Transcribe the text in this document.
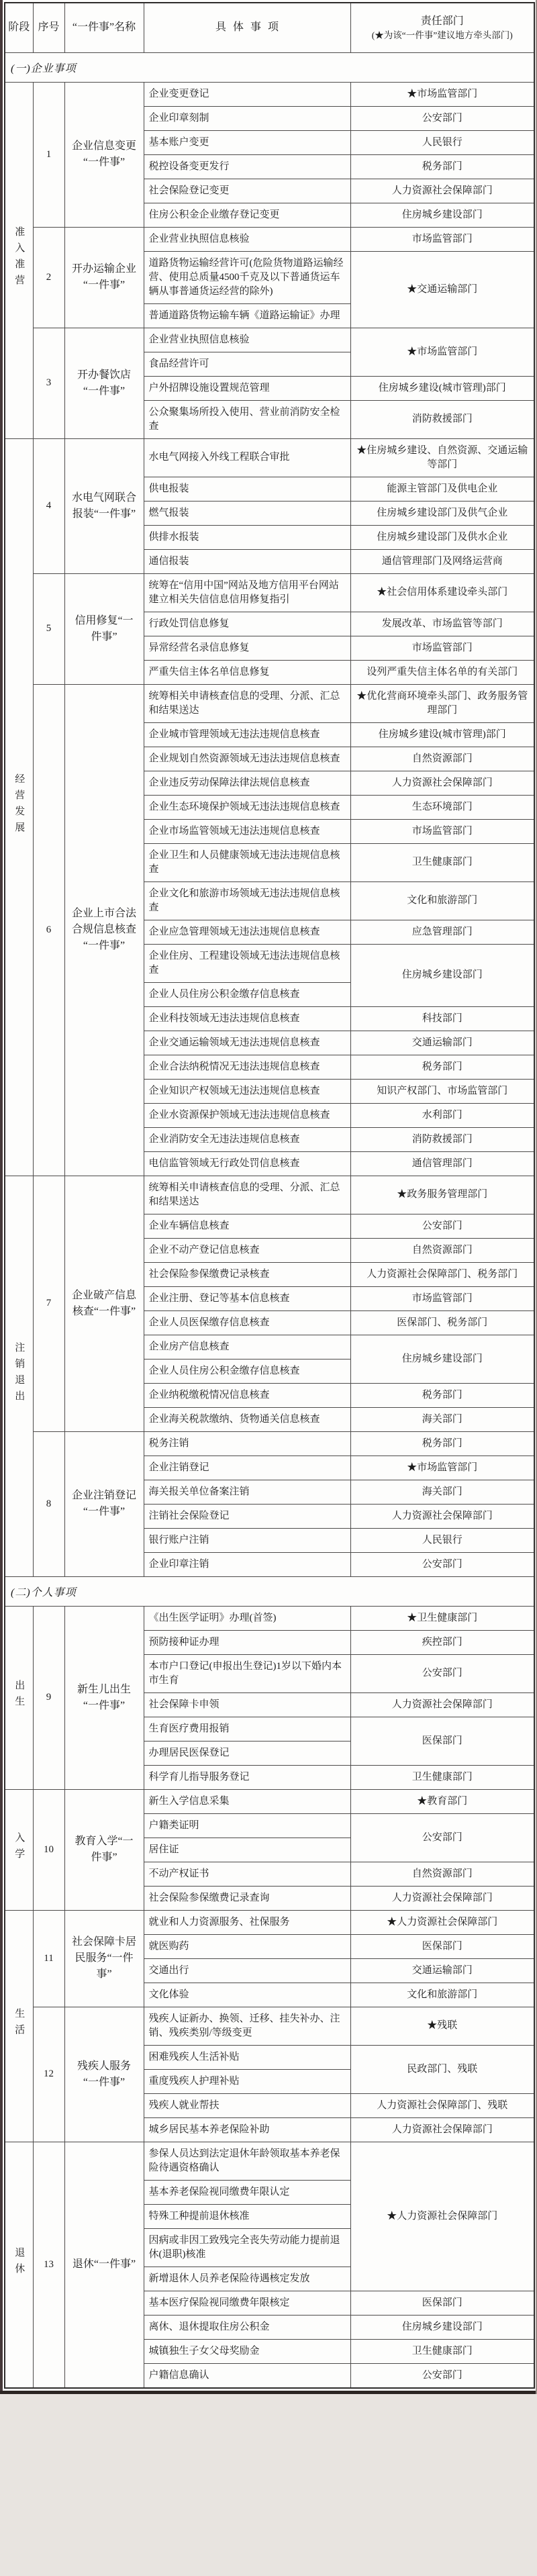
阶段	序号	“一件事”名称	具体事项	责任部门
(★为该“一件事”建议地方牵头部门)

(一)企业事项				
准入准营	1	企业信息变更“一件事”	企业变更登记	★市场监管部门
			企业印章刻制	公安部门
			基本账户变更	人民银行
			税控设备变更发行	税务部门
			社会保险登记变更	人力资源社会保障部门
			住房公积金企业缴存登记变更	住房城乡建设部门
	2	开办运输企业“一件事”	企业营业执照信息核验	市场监管部门
			道路货物运输经营许可(危险货物道路运输经营、使用总质量4500千克及以下普通货运车辆从事普通货运经营的除外)	★交通运输部门
			普通道路货物运输车辆《道路运输证》办理	
	3	开办餐饮店“一件事”	企业营业执照信息核验	★市场监管部门
			食品经营许可	
			户外招牌设施设置规范管理	住房城乡建设(城市管理)部门
			公众聚集场所投入使用、营业前消防安全检查	消防救援部门
经营发展	4	水电气网联合报装“一件事”	水电气网接入外线工程联合审批	★住房城乡建设、自然资源、交通运输等部门
			供电报装	能源主管部门及供电企业
			燃气报装	住房城乡建设部门及供气企业
			供排水报装	住房城乡建设部门及供水企业
			通信报装	通信管理部门及网络运营商
	5	信用修复“一件事”	统筹在“信用中国”网站及地方信用平台网站建立相关失信信息信用修复指引	★社会信用体系建设牵头部门
			行政处罚信息修复	发展改革、市场监管等部门
			异常经营名录信息修复	市场监管部门
			严重失信主体名单信息修复	设列严重失信主体名单的有关部门
	6	企业上市合法合规信息核查“一件事”	统筹相关申请核查信息的受理、分派、汇总和结果送达	★优化营商环境牵头部门、政务服务管理部门
			企业城市管理领域无违法违规信息核查	住房城乡建设(城市管理)部门
			企业规划自然资源领域无违法违规信息核查	自然资源部门
			企业违反劳动保障法律法规信息核查	人力资源社会保障部门
			企业生态环境保护领域无违法违规信息核查	生态环境部门
			企业市场监管领域无违法违规信息核查	市场监管部门
			企业卫生和人员健康领域无违法违规信息核查	卫生健康部门
			企业文化和旅游市场领域无违法违规信息核查	文化和旅游部门
			企业应急管理领域无违法违规信息核查	应急管理部门
			企业住房、工程建设领域无违法违规信息核查	住房城乡建设部门
			企业人员住房公积金缴存信息核查	
			企业科技领域无违法违规信息核查	科技部门
			企业交通运输领域无违法违规信息核查	交通运输部门
			企业合法纳税情况无违法违规信息核查	税务部门
			企业知识产权领域无违法违规信息核查	知识产权部门、市场监管部门
			企业水资源保护领域无违法违规信息核查	水利部门
			企业消防安全无违法违规信息核查	消防救援部门
			电信监管领域无行政处罚信息核查	通信管理部门
注销退出	7	企业破产信息核查“一件事”	统筹相关申请核查信息的受理、分派、汇总和结果送达	★政务服务管理部门
			企业车辆信息核查	公安部门
			企业不动产登记信息核查	自然资源部门
			社会保险参保缴费记录核查	人力资源社会保障部门、税务部门
			企业注册、登记等基本信息核查	市场监管部门
			企业人员医保缴存信息核查	医保部门、税务部门
			企业房产信息核查	住房城乡建设部门
			企业人员住房公积金缴存信息核查	
			企业纳税缴税情况信息核查	税务部门
			企业海关税款缴纳、货物通关信息核查	海关部门
	8	企业注销登记“一件事”	税务注销	税务部门
			企业注销登记	★市场监管部门
			海关报关单位备案注销	海关部门
			注销社会保险登记	人力资源社会保障部门
			银行账户注销	人民银行
			企业印章注销	公安部门
(二)个人事项				
出生	9	新生儿出生“一件事”	《出生医学证明》办理(首签)	★卫生健康部门
			预防接种证办理	疾控部门
			本市户口登记(申报出生登记)1岁以下婚内本市生育	公安部门
			社会保障卡申领	人力资源社会保障部门
			生育医疗费用报销	医保部门
			办理居民医保登记	
			科学育儿指导服务登记	卫生健康部门
入学	10	教育入学“一件事”	新生入学信息采集	★教育部门
			户籍类证明	公安部门
			居住证	
			不动产权证书	自然资源部门
			社会保险参保缴费记录查询	人力资源社会保障部门
生活	11	社会保障卡居民服务“一件事”	就业和人力资源服务、社保服务	★人力资源社会保障部门
			就医购药	医保部门
			交通出行	交通运输部门
			文化体验	文化和旅游部门
	12	残疾人服务“一件事”	残疾人证新办、换领、迁移、挂失补办、注销、残疾类别/等级变更	★残联
			困难残疾人生活补贴	民政部门、残联
			重度残疾人护理补贴	
			残疾人就业帮扶	人力资源社会保障部门、残联
			城乡居民基本养老保险补助	人力资源社会保障部门
退休	13	退休“一件事”	参保人员达到法定退休年龄领取基本养老保险待遇资格确认	★人力资源社会保障部门
			基本养老保险视同缴费年限认定	
			特殊工种提前退休核准	
			因病或非因工致残完全丧失劳动能力提前退休(退职)核准	
			新增退休人员养老保险待遇核定发放	
			基本医疗保险视同缴费年限核定	医保部门
			离休、退休提取住房公积金	住房城乡建设部门
			城镇独生子女父母奖励金	卫生健康部门
			户籍信息确认	公安部门
